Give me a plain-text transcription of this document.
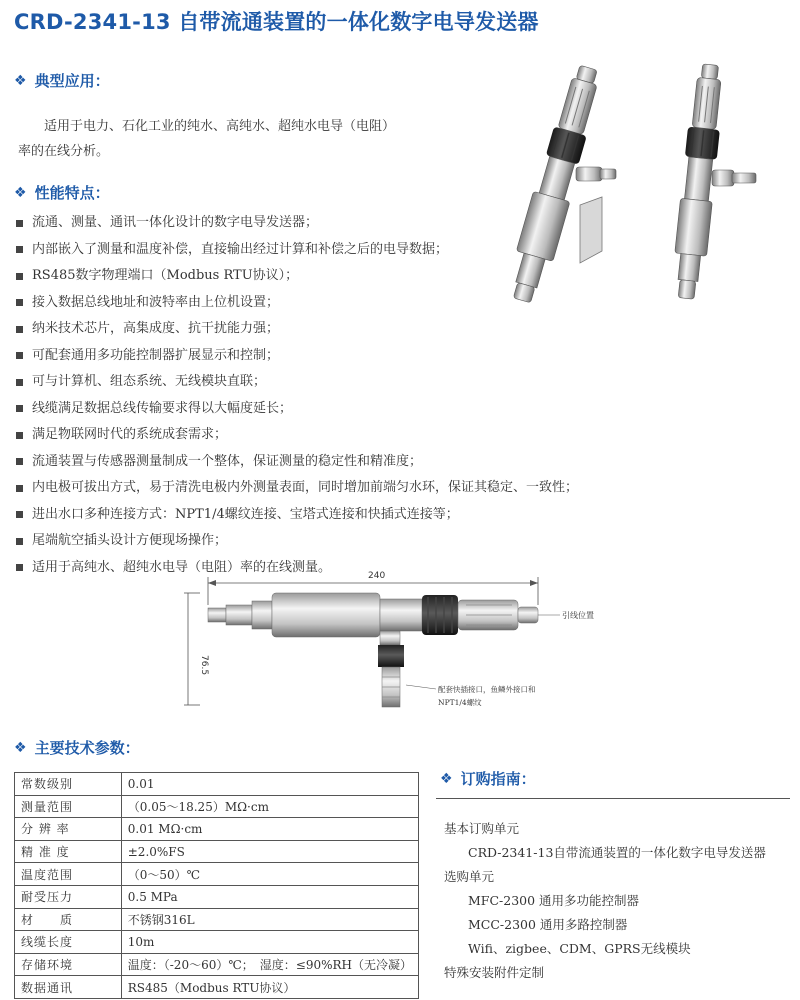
CRD-2341-13 自带流通装置的一体化数字电导发送器
❖ 典型应用：

适用于电力、石化工业的纯水、高纯水、超纯水电导（电阻）
率的在线分析。

❖ 性能特点：
流通、测量、通讯一体化设计的数字电导发送器；
内部嵌入了测量和温度补偿，直接输出经过计算和补偿之后的电导数据；
RS485数字物理端口（Modbus RTU协议）；
接入数据总线地址和波特率由上位机设置；
纳米技术芯片，高集成度、抗干扰能力强；
可配套通用多功能控制器扩展显示和控制；
可与计算机、组态系统、无线模块直联；
线缆满足数据总线传输要求得以大幅度延长；
满足物联网时代的系统成套需求；
流通装置与传感器测量制成一个整体，保证测量的稳定性和精准度；
内电极可拔出方式，易于清洗电极内外测量表面，同时增加前端匀水环，保证其稳定、一致性；
进出水口多种连接方式：NPT1/4螺纹连接、宝塔式连接和快插式连接等；
尾端航空插头设计方便现场操作；
适用于高纯水、超纯水电导（电阻）率的在线测量。
240
76.5
引线位置
配套快插接口，鱼鳞外接口和
NPT1/4螺纹
❖ 主要技术参数：
常数级别	0.01
测量范围	（0.05～18.25）MΩ·cm
分 辨 率	0.01 MΩ·cm
精 准 度	±2.0%FS
温度范围	（0～50）℃
耐受压力	0.5 MPa
材　　质	不锈钢316L
线缆长度	10m
存储环境	温度：（-20～60）℃；　湿度：≤90%RH（无冷凝）
数据通讯	RS485（Modbus RTU协议）
❖ 订购指南：
基本订购单元
CRD-2341-13自带流通装置的一体化数字电导发送器
选购单元
MFC-2300 通用多功能控制器
MCC-2300 通用多路控制器
Wifi、zigbee、CDM、GPRS无线模块
特殊安装附件定制
